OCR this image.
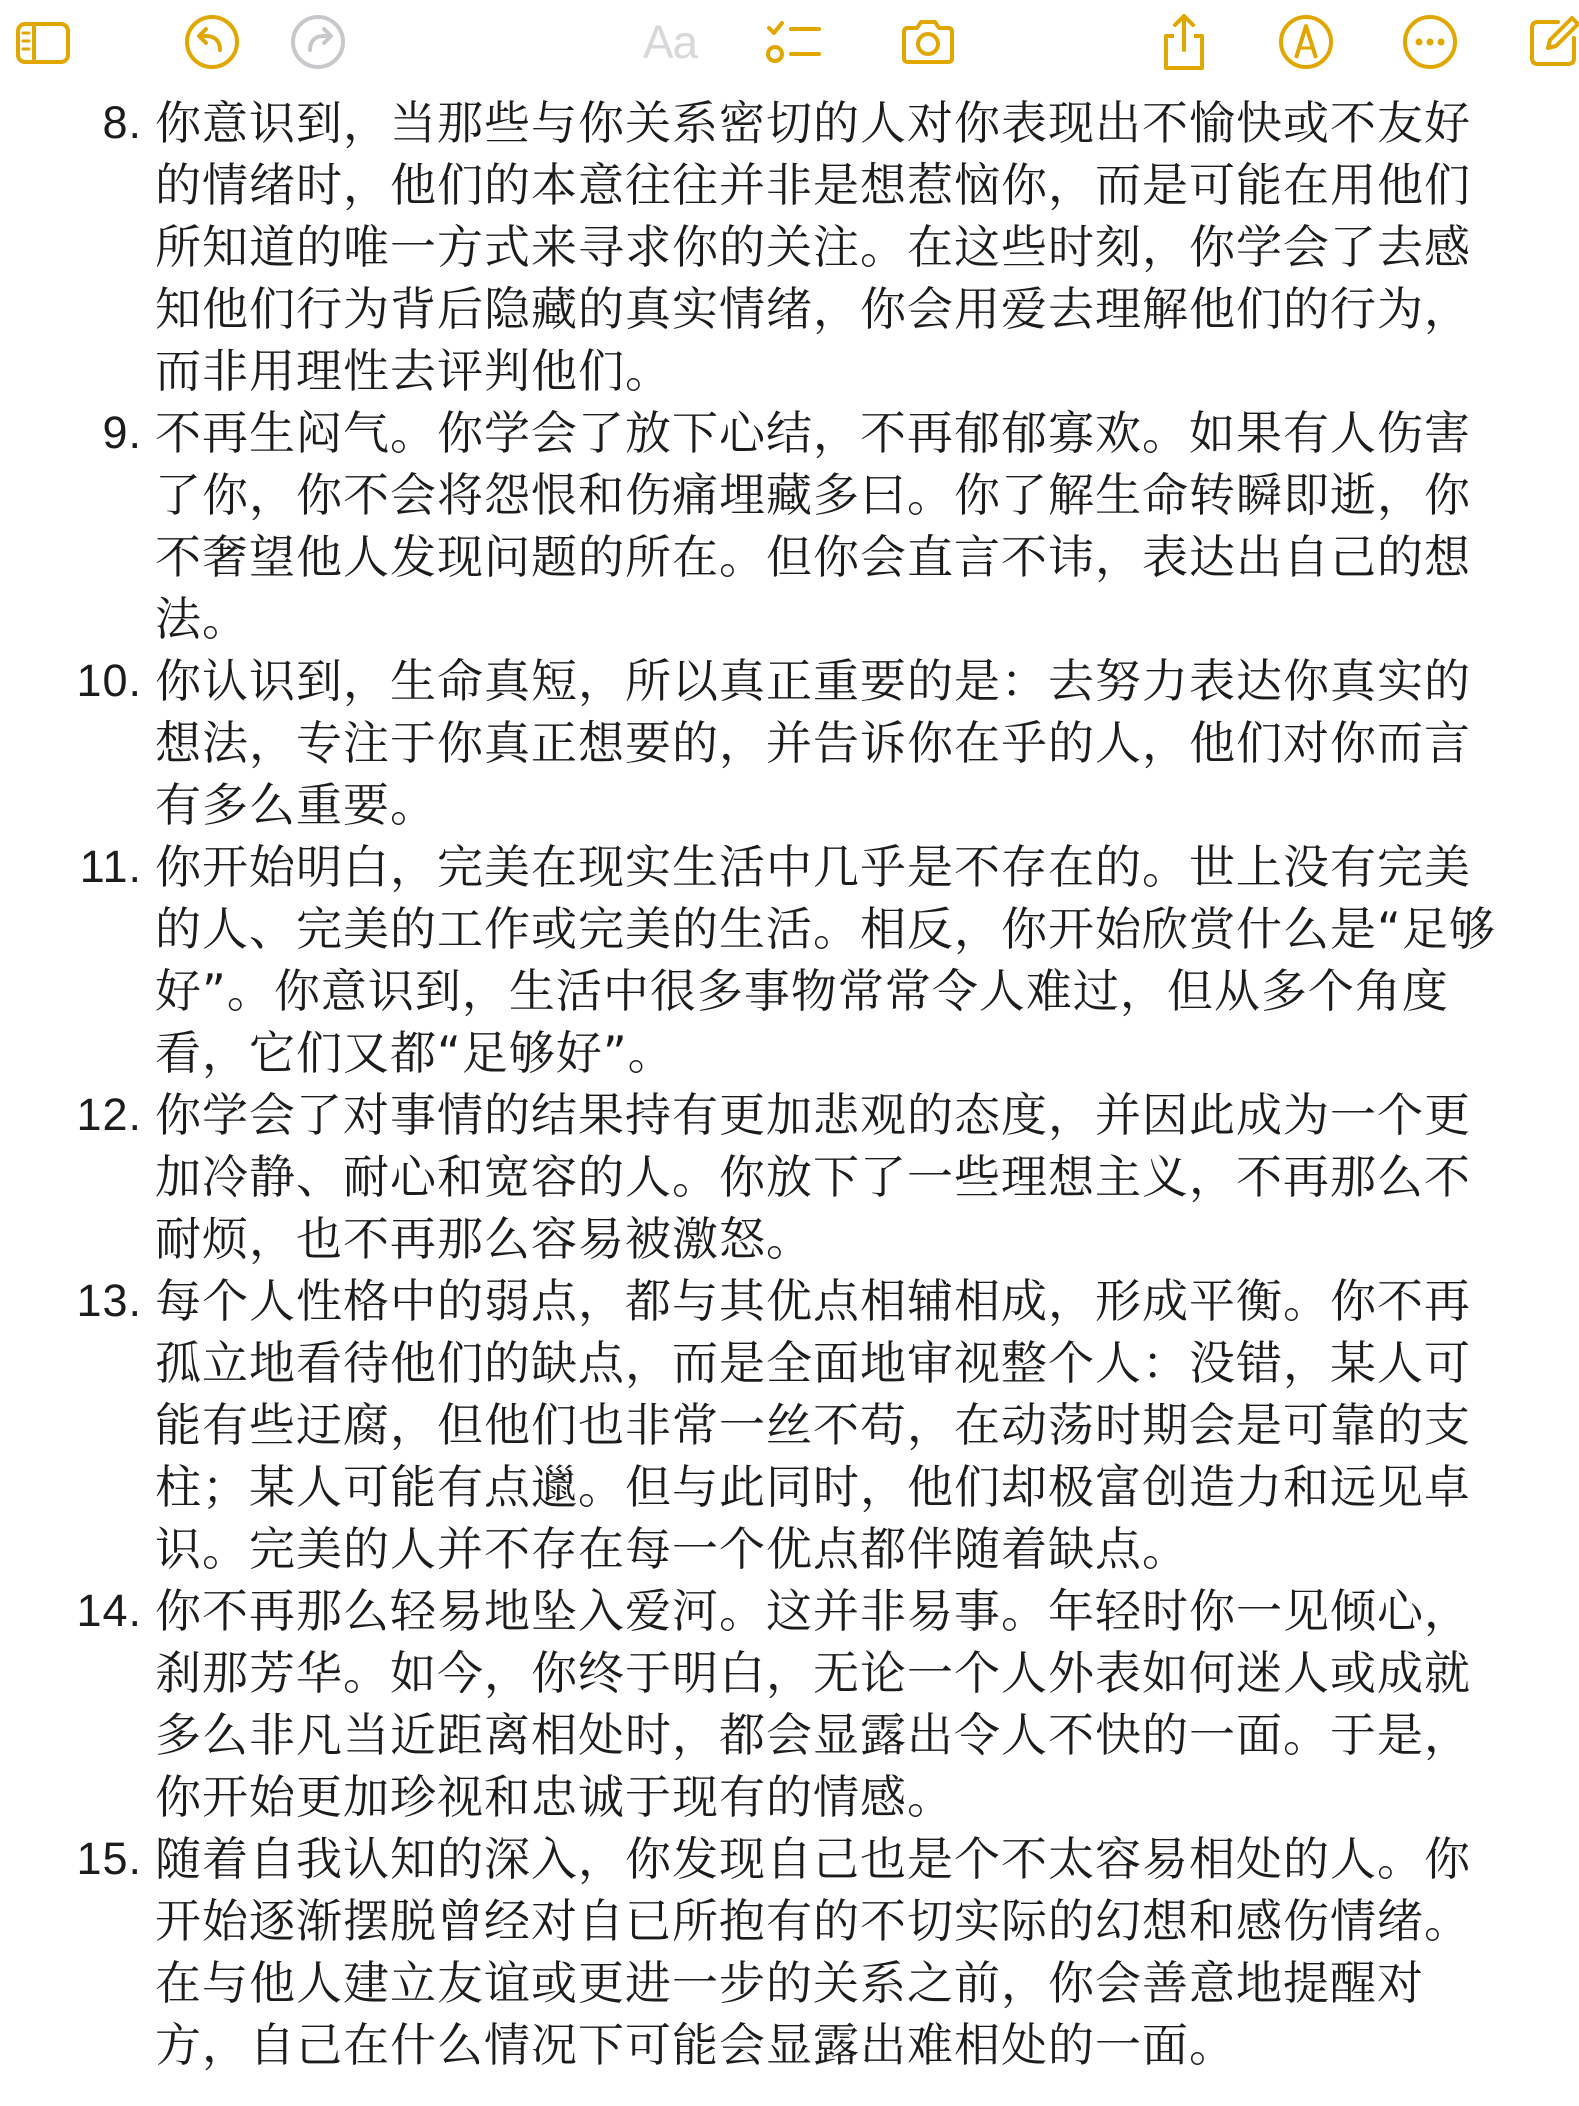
Aa
8. 你意识到，当那些与你关系密切的人对你表现出不愉快或不友好的情绪时，他们的本意往往并非是想惹恼你，而是可能在用他们所知道的唯一方式来寻求你的关注。在这些时刻，你学会了去感知他们行为背后隐藏的真实情绪，你会用爱去理解他们的行为，而非用理性去评判他们。
9. 不再生闷气。你学会了放下心结，不再郁郁寡欢。如果有人伤害了你，你不会将怨恨和伤痛埋藏多曰。你了解生命转瞬即逝，你不奢望他人发现问题的所在。但你会直言不讳，表达出自己的想法。
10. 你认识到，生命真短，所以真正重要的是：去努力表达你真实的想法，专注于你真正想要的，并告诉你在乎的人，他们对你而言有多么重要。
11. 你开始明白，完美在现实生活中几乎是不存在的。世上没有完美的人、完美的工作或完美的生活。相反，你开始欣赏什么是“足够好”。你意识到，生活中很多事物常常令人难过，但从多个角度看，它们又都“足够好”。
12. 你学会了对事情的结果持有更加悲观的态度，并因此成为一个更加冷静、耐心和宽容的人。你放下了一些理想主义，不再那么不耐烦，也不再那么容易被激怒。
13. 每个人性格中的弱点，都与其优点相辅相成，形成平衡。你不再孤立地看待他们的缺点，而是全面地审视整个人：没错，某人可能有些迂腐，但他们也非常一丝不苟，在动荡时期会是可靠的支柱；某人可能有点邋。但与此同时，他们却极富创造力和远见卓识。完美的人并不存在每一个优点都伴随着缺点。
14. 你不再那么轻易地坠入爱河。这并非易事。年轻时你一见倾心，刹那芳华。如今，你终于明白，无论一个人外表如何迷人或成就多么非凡当近距离相处时，都会显露出令人不快的一面。于是，你开始更加珍视和忠诚于现有的情感。
15. 随着自我认知的深入，你发现自己也是个不太容易相处的人。你开始逐渐摆脱曾经对自已所抱有的不切实际的幻想和感伤情绪。在与他人建立友谊或更进一步的关系之前，你会善意地提醒对方，自己在什么情况下可能会显露出难相处的一面。
